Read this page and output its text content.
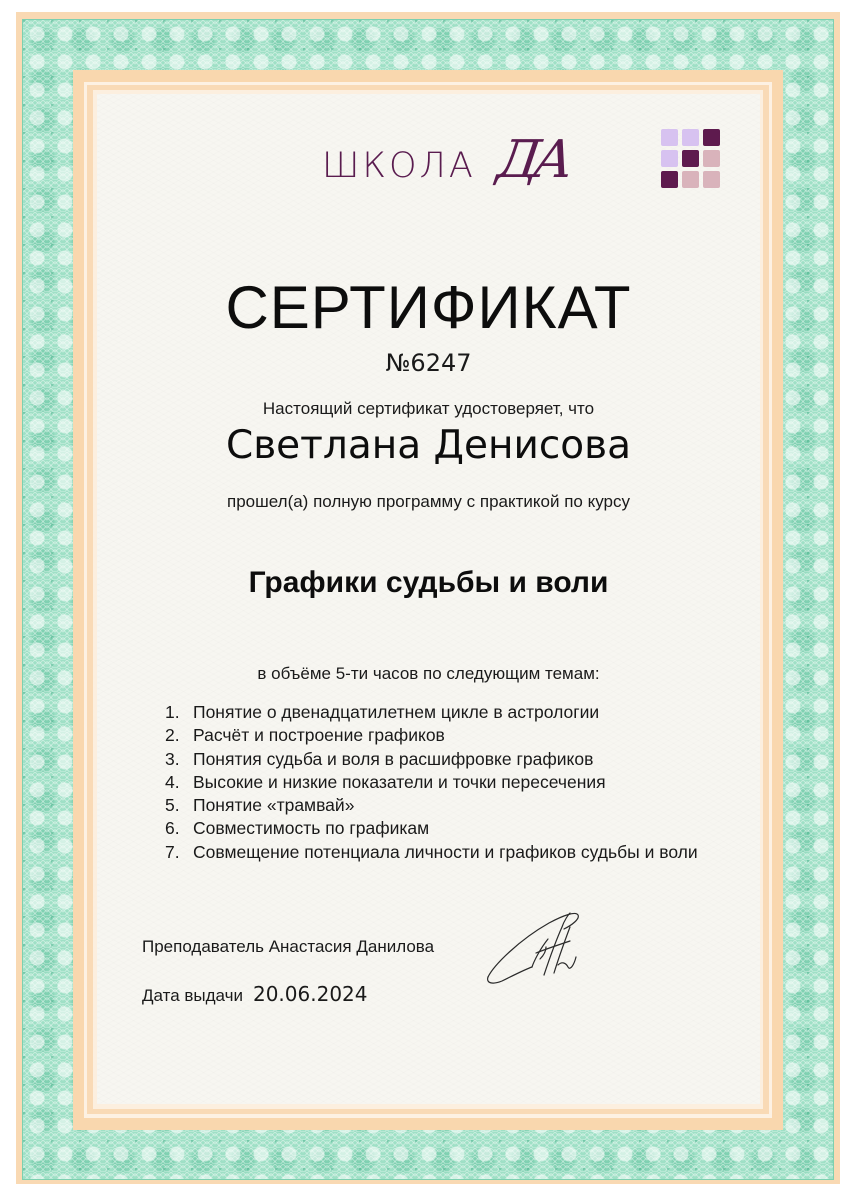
ШКОЛА ДА
СЕРТИФИКАТ
№6247
Настоящий сертификат удостоверяет, что
Светлана Денисова
прошел(а) полную программу с практикой по курсу
Графики судьбы и воли
в объёме 5-ти часов по следующим темам:
1. Понятие о двенадцатилетнем цикле в астрологии
2. Расчёт и построение графиков
3. Понятия судьба и воля в расшифровке графиков
4. Высокие и низкие показатели и точки пересечения
5. Понятие «трамвай»
6. Совместимость по графикам
7. Совмещение потенциала личности и графиков судьбы и воли
Преподаватель Анастасия Данилова
Дата выдачи 20.06.2024
